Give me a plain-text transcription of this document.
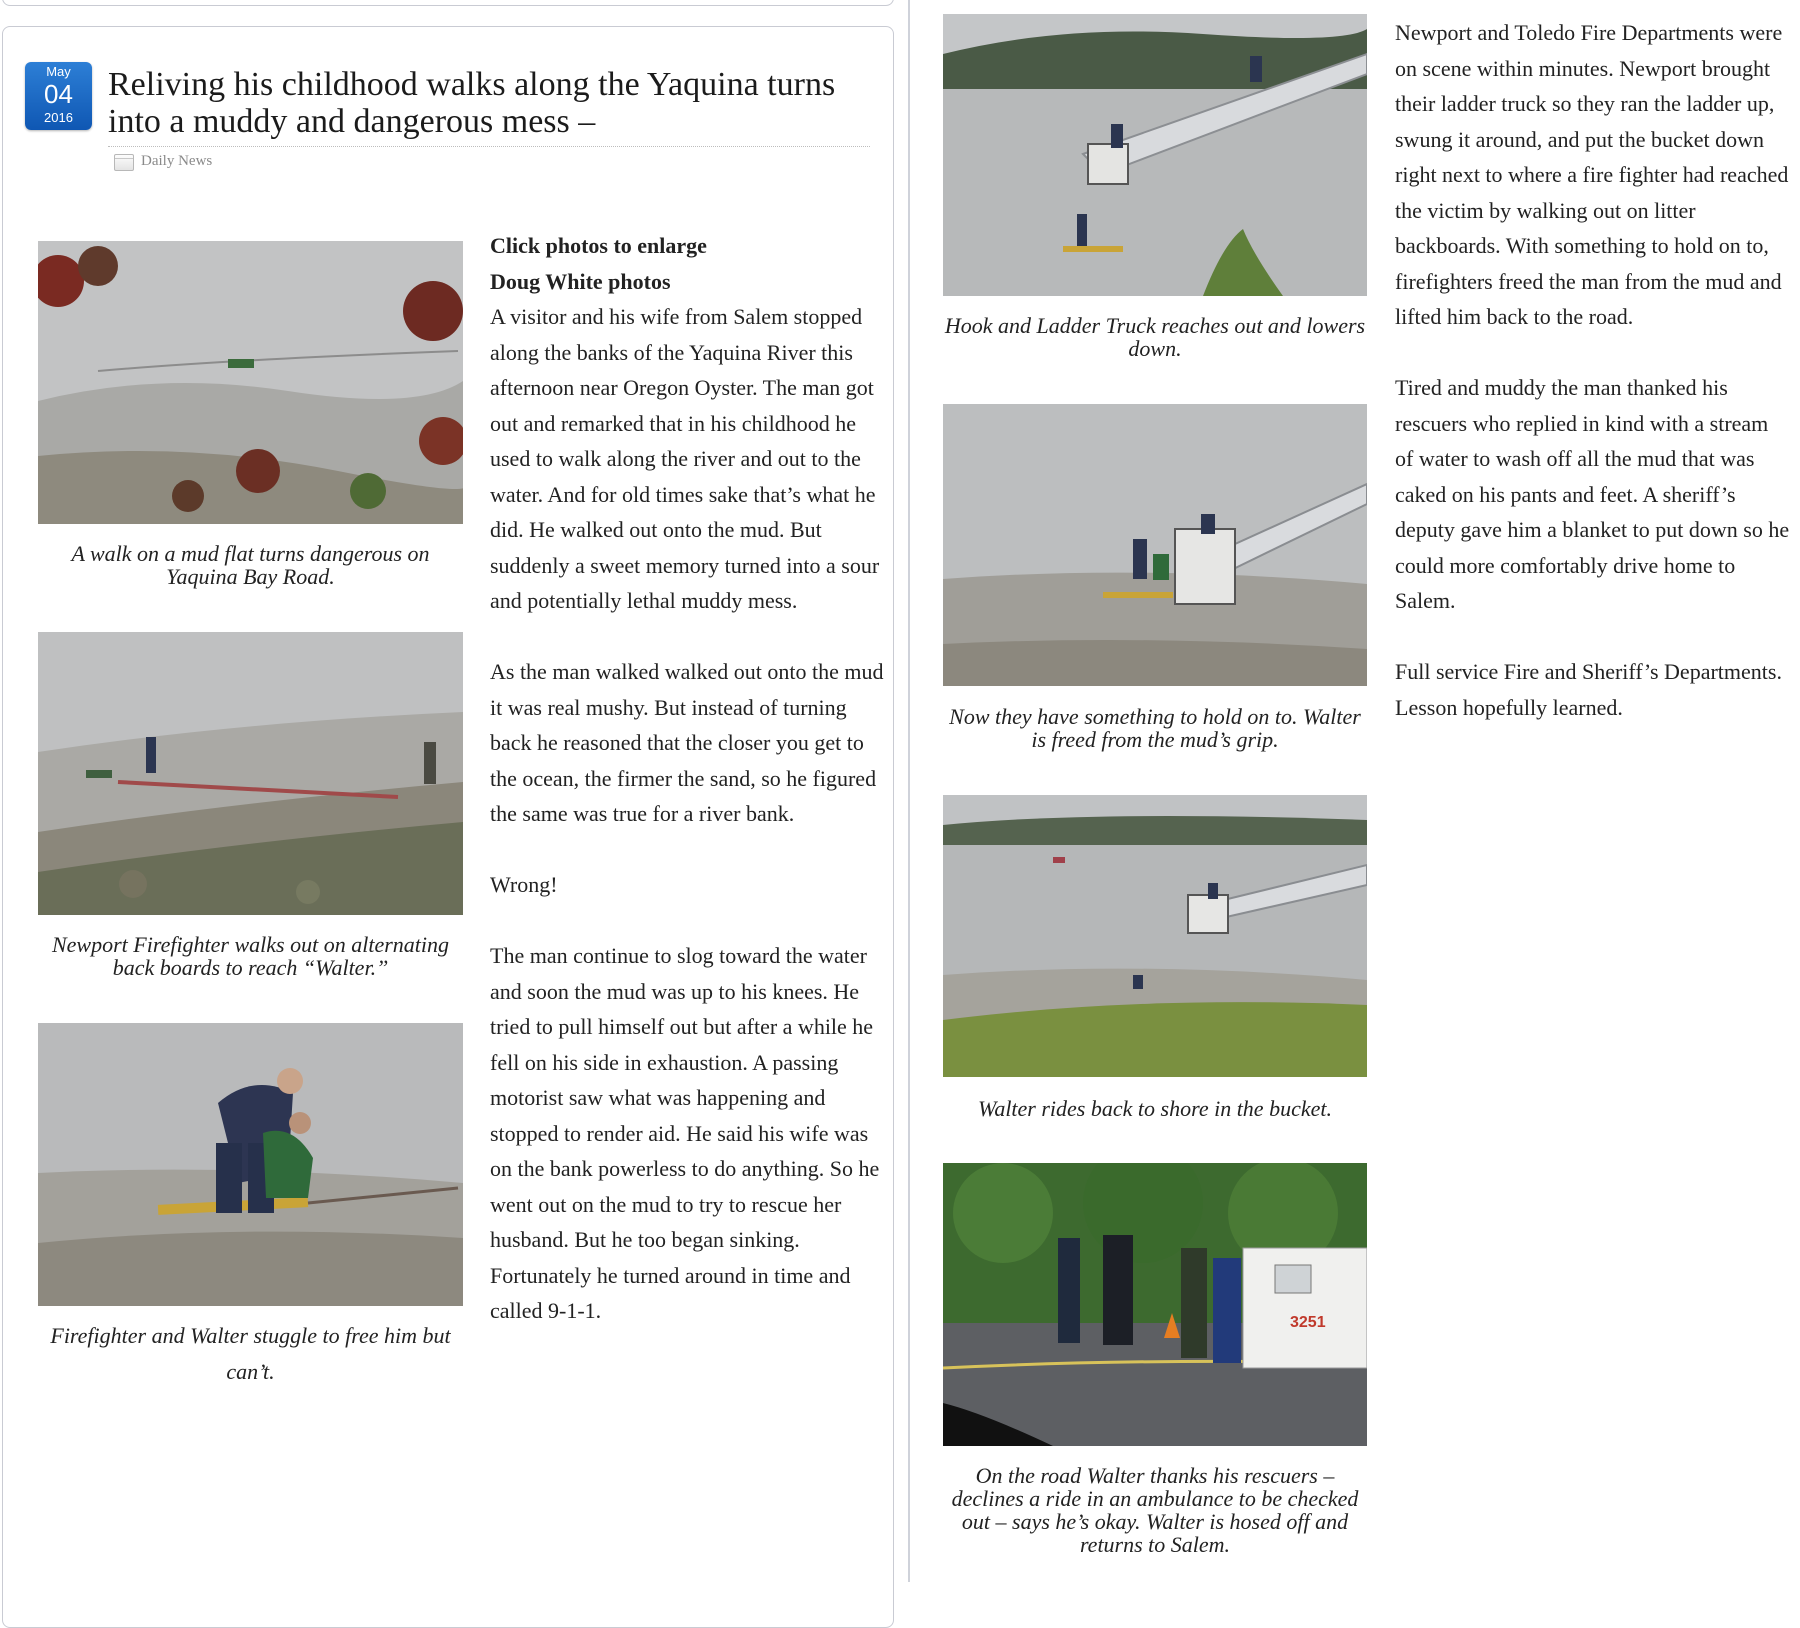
May
04
2016
Reliving his childhood walks along the Yaquina turns into a muddy and dangerous mess –
Daily News
A walk on a mud flat turns dangerous on Yaquina Bay Road.
Newport Firefighter walks out on alternating back boards to reach “Walter.”
Firefighter and Walter stuggle to free him but can’t.

Click photos to enlarge

Doug White photos

A visitor and his wife from Salem stopped along the banks of the Yaquina River this afternoon near Oregon Oyster. The man got out and remarked that in his childhood he used to walk along the river and out to the water. And for old times sake that’s what he did. He walked out onto the mud. But suddenly a sweet memory turned into a sour and potentially lethal muddy mess.

As the man walked walked out onto the mud it was real mushy. But instead of turning back he reasoned that the closer you get to the ocean, the firmer the sand, so he figured the same was true for a river bank.

Wrong!

The man continue to slog toward the water and soon the mud was up to his knees. He tried to pull himself out but after a while he fell on his side in exhaustion. A passing motorist saw what was happening and stopped to render aid. He said his wife was on the bank powerless to do anything. So he went out on the mud to try to rescue her husband. But he too began sinking. Fortunately he turned around in time and called 9-1-1.

Hook and Ladder Truck reaches out and lowers down.
Now they have something to hold on to. Walter is freed from the mud’s grip.
Walter rides back to shore in the bucket.
3251
On the road Walter thanks his rescuers – declines a ride in an ambulance to be checked out – says he’s okay. Walter is hosed off and returns to Salem.

Newport and Toledo Fire Departments were on scene within minutes. Newport brought their ladder truck so they ran the ladder up, swung it around, and put the bucket down right next to where a fire fighter had reached the victim by walking out on litter backboards. With something to hold on to, firefighters freed the man from the mud and lifted him back to the road.

Tired and muddy the man thanked his rescuers who replied in kind with a stream of water to wash off all the mud that was caked on his pants and feet. A sheriff’s deputy gave him a blanket to put down so he could more comfortably drive home to Salem.

Full service Fire and Sheriff’s Departments. Lesson hopefully learned.
